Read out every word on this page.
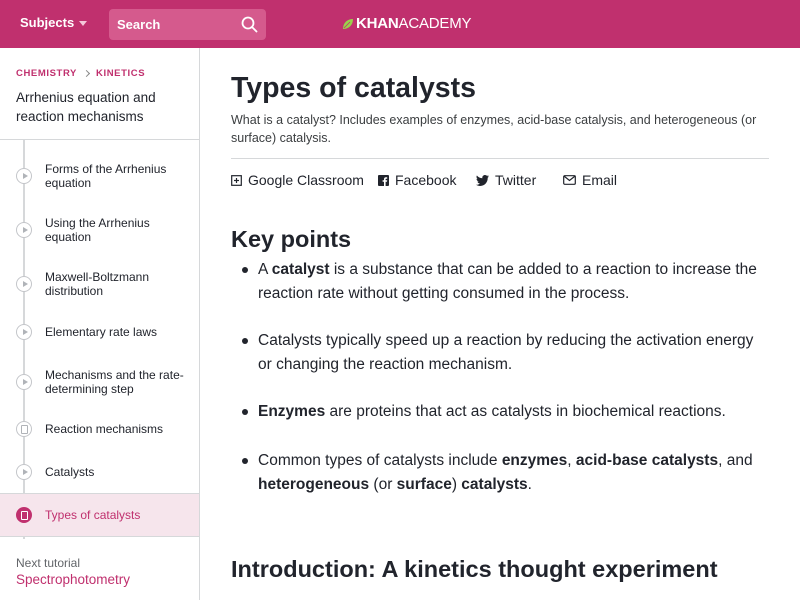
Subjects
Search	KHANACADEMY
CHEMISTRY KINETICS
Arrhenius equation and reaction mechanisms
Forms of the Arrhenius equation
Using the Arrhenius equation
Maxwell-Boltzmann distribution
Elementary rate laws
Mechanisms and the rate-determining step
Reaction mechanisms
Catalysts
Types of catalysts
Next tutorial
Spectrophotometry
Types of catalysts

What is a catalyst? Includes examples of enzymes, acid-base catalysis, and heterogeneous (or surface) catalysis.

Google Classroom Facebook	Twitter	Email
Key points
A catalyst is a substance that can be added to a reaction to increase the reaction rate without getting consumed in the process.
Catalysts typically speed up a reaction by reducing the activation energy or changing the reaction mechanism.
Enzymes are proteins that act as catalysts in biochemical reactions.
Common types of catalysts include enzymes, acid-base catalysts, and heterogeneous (or surface) catalysts.
Introduction: A kinetics thought experiment
